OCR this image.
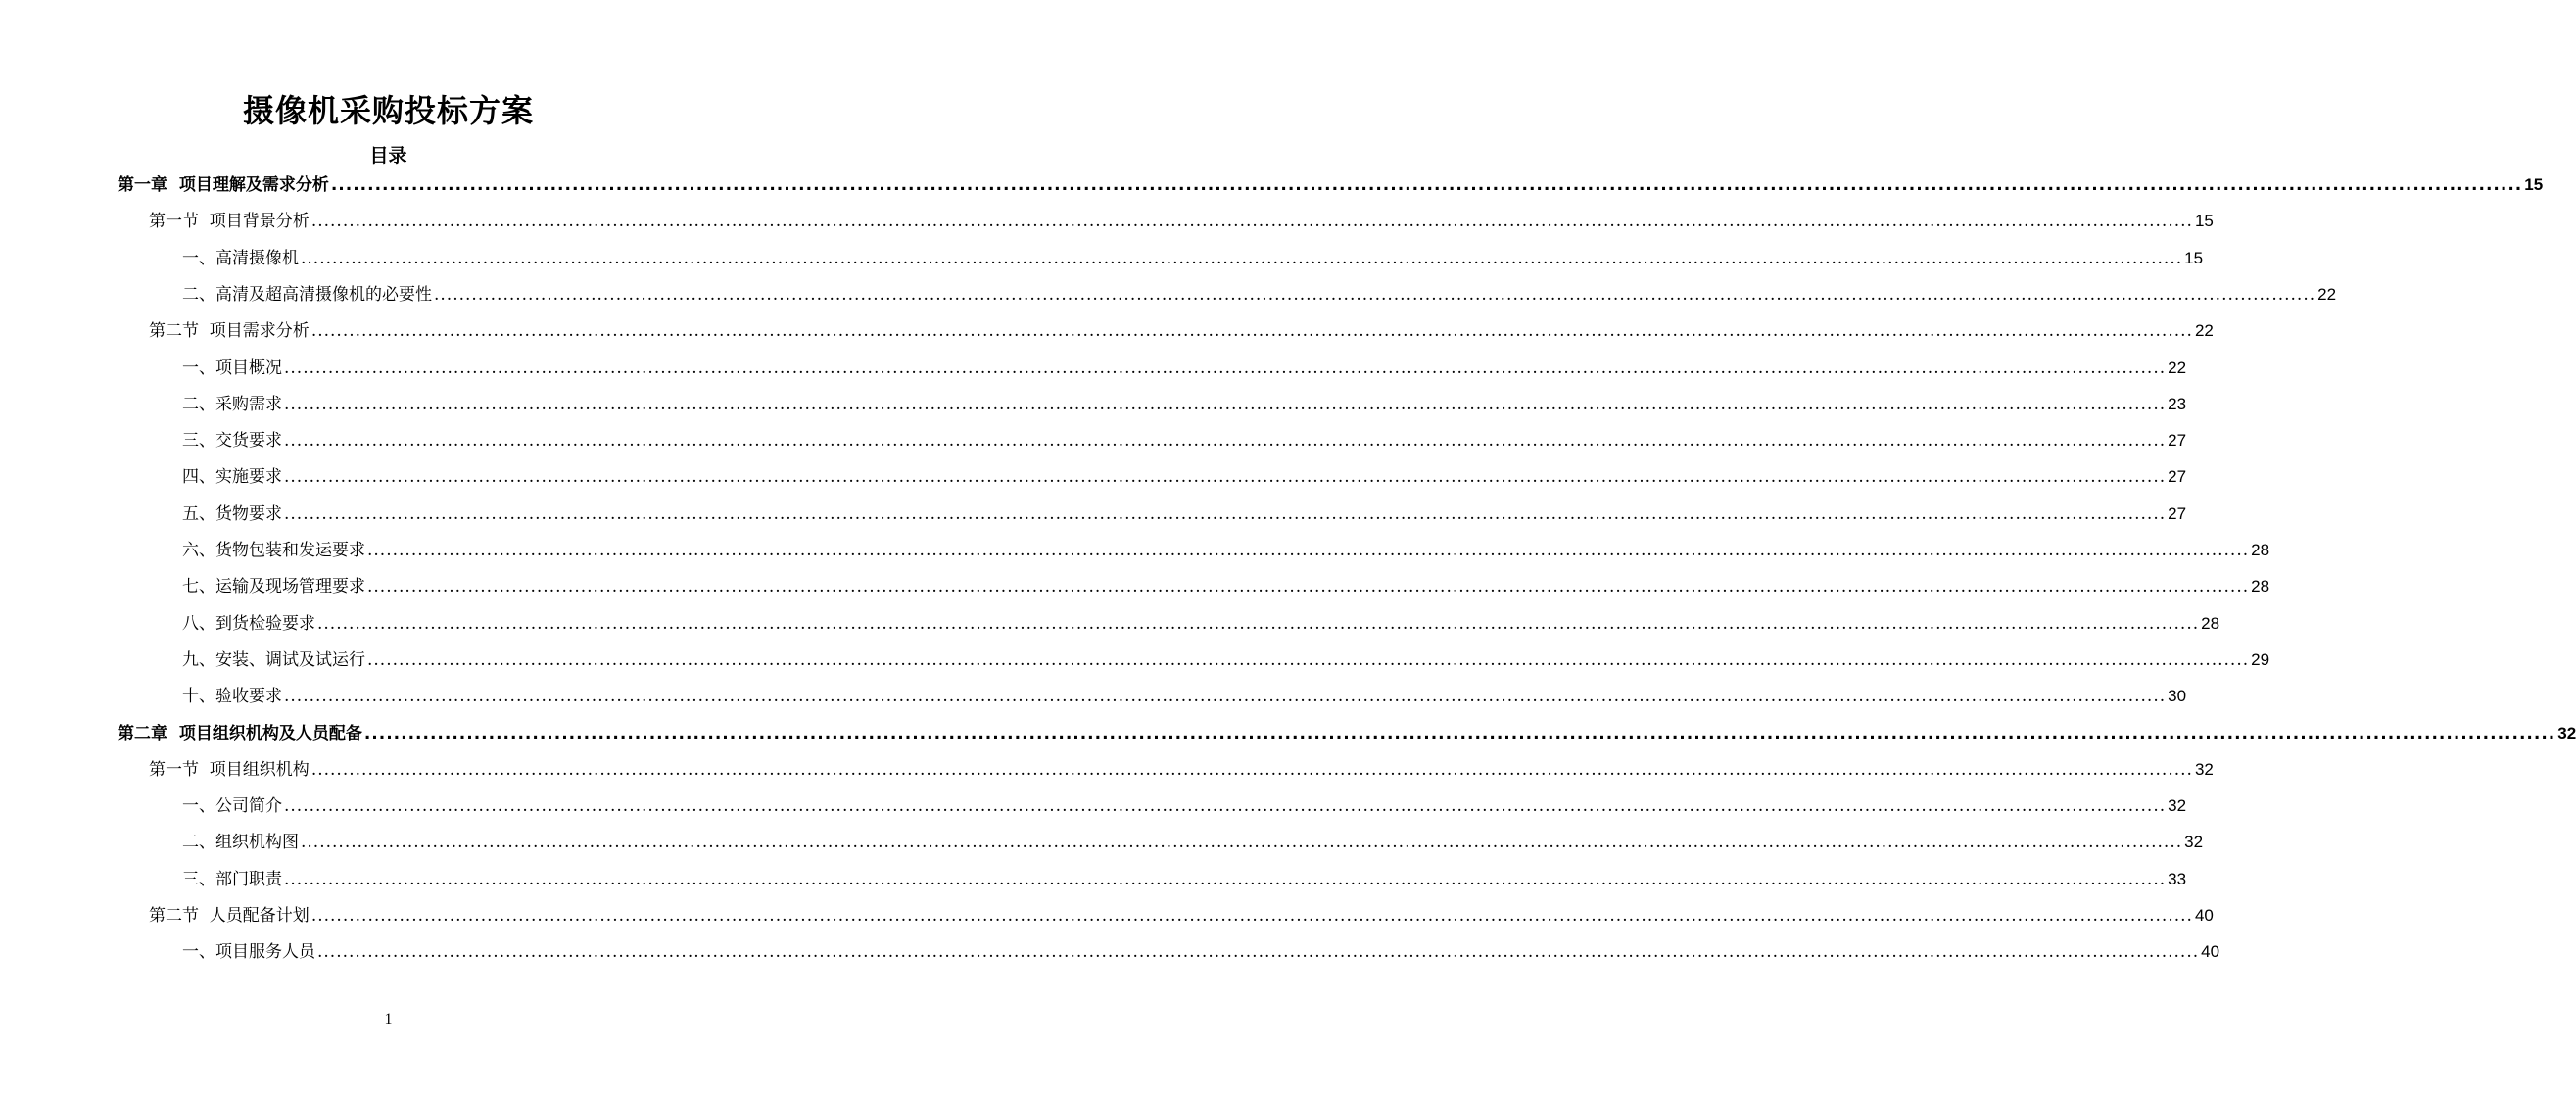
摄像机采购投标方案
目录
第一章  项目理解及需求分析 ............................................................................................................................................................................................................................................................................................................ 15
第一节  项目背景分析 ............................................................................................................................................................................................................................................................................................................ 15
一、高清摄像机 ............................................................................................................................................................................................................................................................................................................ 15
二、高清及超高清摄像机的必要性 ............................................................................................................................................................................................................................................................................................................ 22
第二节  项目需求分析 ............................................................................................................................................................................................................................................................................................................ 22
一、项目概况 ............................................................................................................................................................................................................................................................................................................ 22
二、采购需求 ............................................................................................................................................................................................................................................................................................................ 23
三、交货要求 ............................................................................................................................................................................................................................................................................................................ 27
四、实施要求 ............................................................................................................................................................................................................................................................................................................ 27
五、货物要求 ............................................................................................................................................................................................................................................................................................................ 27
六、货物包装和发运要求 ............................................................................................................................................................................................................................................................................................................ 28
七、运输及现场管理要求 ............................................................................................................................................................................................................................................................................................................ 28
八、到货检验要求 ............................................................................................................................................................................................................................................................................................................ 28
九、安装、调试及试运行 ............................................................................................................................................................................................................................................................................................................ 29
十、验收要求 ............................................................................................................................................................................................................................................................................................................ 30
第二章  项目组织机构及人员配备 ............................................................................................................................................................................................................................................................................................................ 32
第一节  项目组织机构 ............................................................................................................................................................................................................................................................................................................ 32
一、公司简介 ............................................................................................................................................................................................................................................................................................................ 32
二、组织机构图 ............................................................................................................................................................................................................................................................................................................ 32
三、部门职责 ............................................................................................................................................................................................................................................................................................................ 33
第二节  人员配备计划 ............................................................................................................................................................................................................................................................................................................ 40
一、项目服务人员 ............................................................................................................................................................................................................................................................................................................ 40
1
